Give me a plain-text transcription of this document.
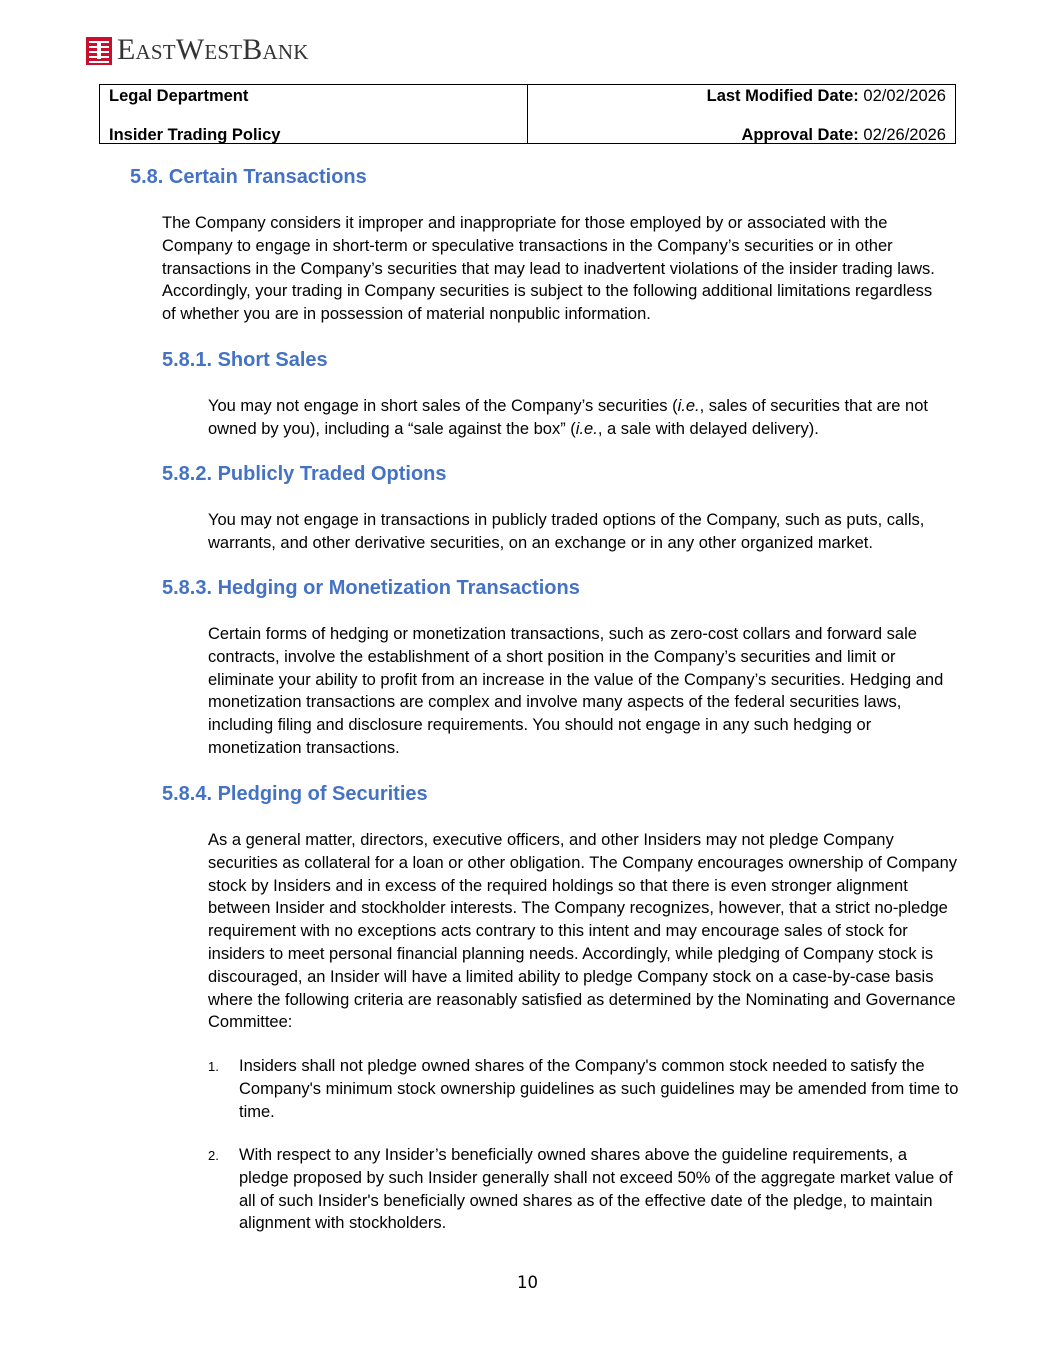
EASTWESTBANK
Legal Department
Insider Trading Policy
Last Modified Date: 02/02/2026
Approval Date: 02/26/2026
5.8. Certain Transactions

The Company considers it improper and inappropriate for those employed by or associated with the Company to engage in short-term or speculative transactions in the Company’s securities or in other transactions in the Company’s securities that may lead to inadvertent violations of the insider trading laws. Accordingly, your trading in Company securities is subject to the following additional limitations regardless of whether you are in possession of material nonpublic information.

5.8.1. Short Sales

You may not engage in short sales of the Company’s securities (i.e., sales of securities that are not owned by you), including a “sale against the box” (i.e., a sale with delayed delivery).

5.8.2. Publicly Traded Options

You may not engage in transactions in publicly traded options of the Company, such as puts, calls, warrants, and other derivative securities, on an exchange or in any other organized market.

5.8.3. Hedging or Monetization Transactions

Certain forms of hedging or monetization transactions, such as zero-cost collars and forward sale contracts, involve the establishment of a short position in the Company’s securities and limit or eliminate your ability to profit from an increase in the value of the Company’s securities. Hedging and monetization transactions are complex and involve many aspects of the federal securities laws, including filing and disclosure requirements. You should not engage in any such hedging or monetization transactions.

5.8.4. Pledging of Securities

As a general matter, directors, executive officers, and other Insiders may not pledge Company securities as collateral for a loan or other obligation. The Company encourages ownership of Company stock by Insiders and in excess of the required holdings so that there is even stronger alignment between Insider and stockholder interests. The Company recognizes, however, that a strict no-pledge requirement with no exceptions acts contrary to this intent and may encourage sales of stock for insiders to meet personal financial planning needs. Accordingly, while pledging of Company stock is discouraged, an Insider will have a limited ability to pledge Company stock on a case-by-case basis where the following criteria are reasonably satisfied as determined by the Nominating and Governance Committee:

1. Insiders shall not pledge owned shares of the Company's common stock needed to satisfy the Company's minimum stock ownership guidelines as such guidelines may be amended from time to time.

2. With respect to any Insider’s beneficially owned shares above the guideline requirements, a pledge proposed by such Insider generally shall not exceed 50% of the aggregate market value of all of such Insider's beneficially owned shares as of the effective date of the pledge, to maintain alignment with stockholders.

10
